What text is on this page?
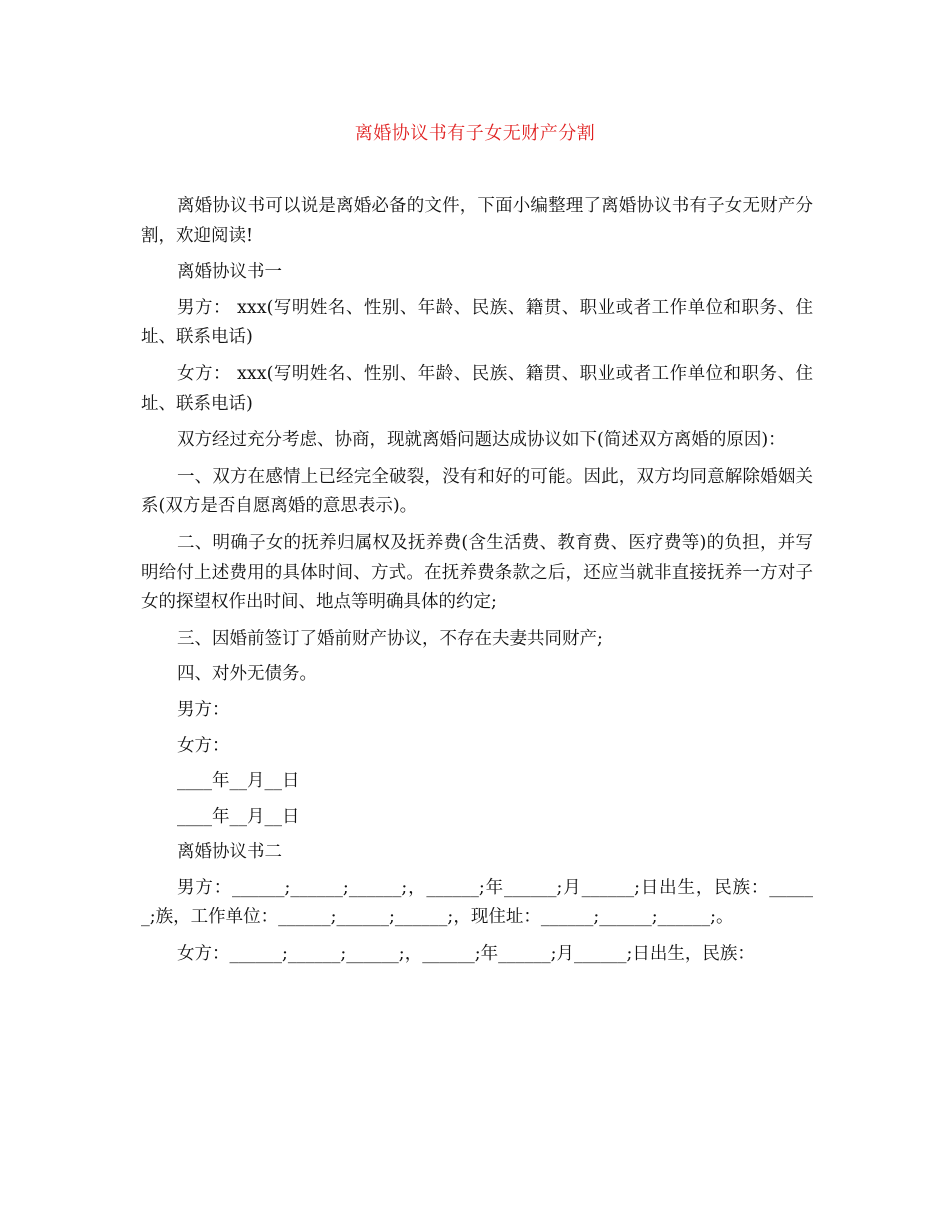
离婚协议书有子女无财产分割

离婚协议书可以说是离婚必备的文件，下面小编整理了离婚协议书有子女无财产分割，欢迎阅读!

离婚协议书一

男方： xxx(写明姓名、性别、年龄、民族、籍贯、职业或者工作单位和职务、住址、联系电话)

女方： xxx(写明姓名、性别、年龄、民族、籍贯、职业或者工作单位和职务、住址、联系电话)

双方经过充分考虑、协商，现就离婚问题达成协议如下(简述双方离婚的原因)：

一、双方在感情上已经完全破裂，没有和好的可能。因此，双方均同意解除婚姻关系(双方是否自愿离婚的意思表示)。

二、明确子女的抚养归属权及抚养费(含生活费、教育费、医疗费等)的负担，并写明给付上述费用的具体时间、方式。在抚养费条款之后，还应当就非直接抚养一方对子女的探望权作出时间、地点等明确具体的约定;

三、因婚前签订了婚前财产协议，不存在夫妻共同财产;

四、对外无债务。

男方：

女方：

____年__月__日

____年__月__日

离婚协议书二

男方：______;______;______;，______;年______;月______;日出生，民族：______;族，工作单位：______;______;______;，现住址：______;______;______;。

女方：______;______;______;，______;年______;月______;日出生，民族：
